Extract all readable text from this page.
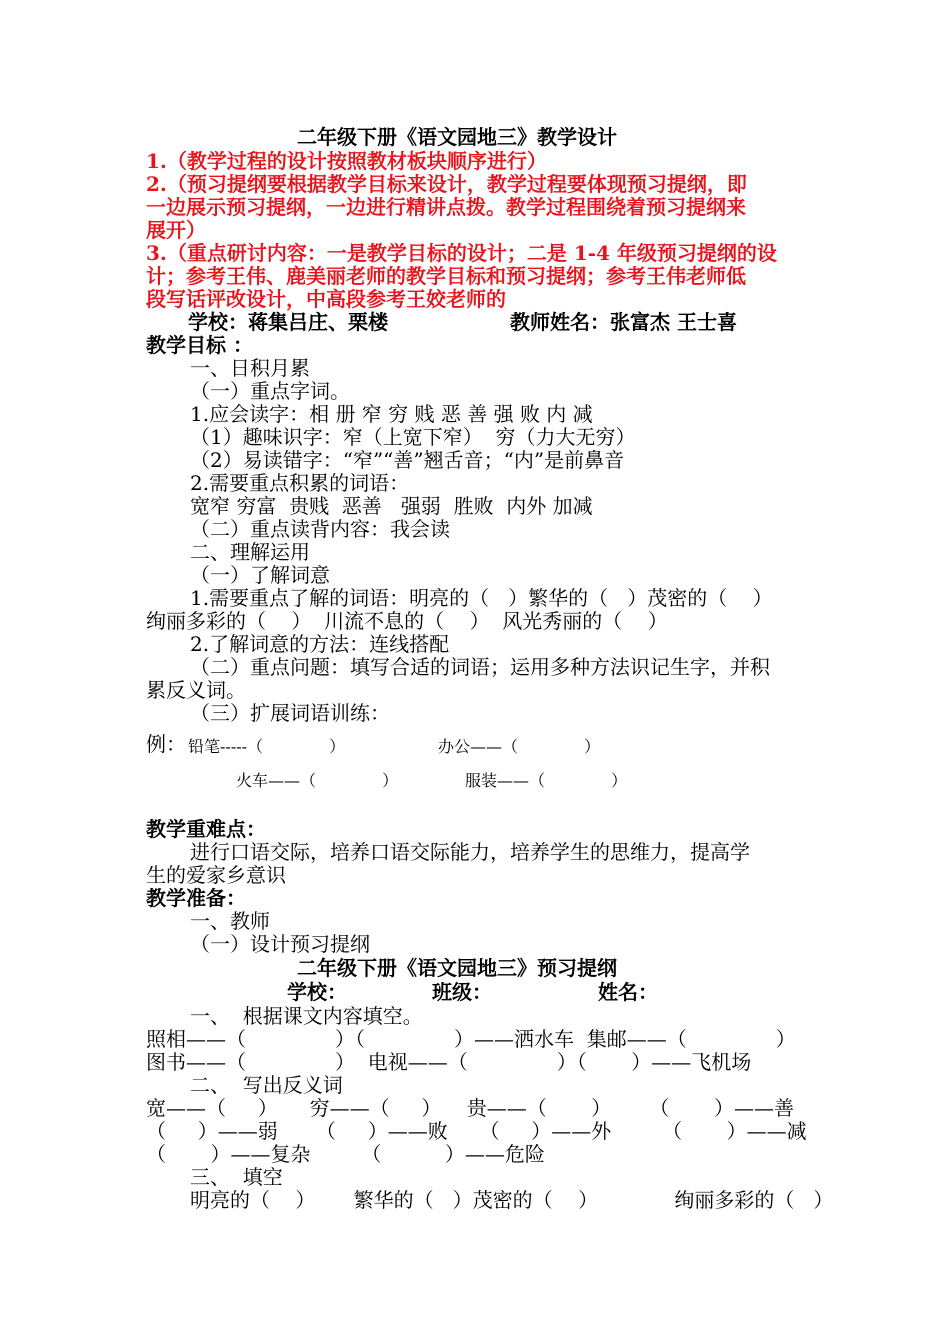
二年级下册《语文园地三》教学设计
1.（教学过程的设计按照教材板块顺序进行）
2.（预习提纲要根据教学目标来设计，教学过程要体现预习提纲，即
一边展示预习提纲，一边进行精讲点拨。教学过程围绕着预习提纲来
展开）
3.（重点研讨内容：一是教学目标的设计；二是 1-4 年级预习提纲的设
计；参考王伟、鹿美丽老师的教学目标和预习提纲；参考王伟老师低
段写话评改设计，中高段参考王姣老师的
学校：蒋集吕庄、栗楼	教师姓名：张富杰 王士喜
教学目标 ：
一、日积月累
（一）重点字词。
1.应会读字：相 册 窄 穷 贱 恶 善 强 败 内 减
（1）趣味识字：窄（上宽下窄）  穷（力大无穷）
（2）易读错字：“窄”“善”翘舌音；“内”是前鼻音
2.需要重点积累的词语：
宽窄 穷富  贵贱  恶善   强弱  胜败  内外 加减
（二）重点读背内容：我会读
二、理解运用
（一）了解词意
1.需要重点了解的词语：明亮的（   ）繁华的（   ）茂密的（    ）
绚丽多彩的（    ）  川流不息的（    ）  风光秀丽的（    ）
2.了解词意的方法：连线搭配
（二）重点问题：填写合适的词语；运用多种方法识记生字，并积
累反义词。
（三）扩展词语训练：
例： 铅笔-----（             ）	办公——（             ）
火车——（             ）	服装——（             ）
教学重难点：
进行口语交际，培养口语交际能力，培养学生的思维力，提高学
生的爱家乡意识
教学准备：
一、教师
（一）设计预习提纲
二年级下册《语文园地三》预习提纲
学校：	班级：	姓名：
一、  根据课文内容填空。
照相——（              ）（              ）——洒水车  集邮——（              ）
图书——（              ）  电视——（              ）（       ）——飞机场
二、  写出反义词
宽——（     ）     穷——（     ）    贵——（       ）      （       ）——善
（     ）——弱      （     ）——败     （     ）——外        （       ）——减
（       ）——复杂        （          ）——危险
三、  填空
明亮的（    ）      繁华的（   ）茂密的（    ）            绚丽多彩的（   ）
